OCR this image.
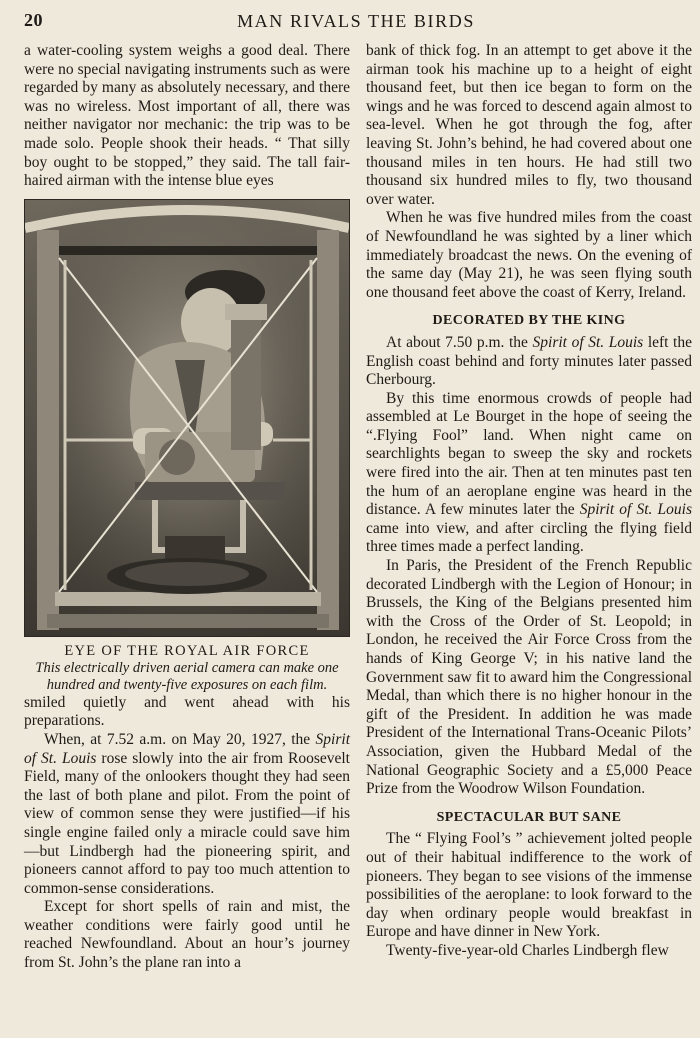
20	MAN RIVALS THE BIRDS

a water-cooling system weighs a good deal. There were no special navigating instruments such as were regarded by many as absolutely necessary, and there was no wireless. Most important of all, there was neither navigator nor mechanic: the trip was to be made solo. People shook their heads. “ That silly boy ought to be stopped,” they said. The tall fair-haired airman with the intense blue eyes

EYE OF THE ROYAL AIR FORCE
This electrically driven aerial camera can make one hundred and twenty-five exposures on each film.

smiled quietly and went ahead with his preparations.

When, at 7.52 a.m. on May 20, 1927, the Spirit of St. Louis rose slowly into the air from Roosevelt Field, many of the onlookers thought they had seen the last of both plane and pilot. From the point of view of common sense they were justified—if his single engine failed only a miracle could save him—but Lindbergh had the pioneering spirit, and pioneers cannot afford to pay too much attention to common-sense considerations.

Except for short spells of rain and mist, the weather conditions were fairly good until he reached Newfoundland. About an hour’s journey from St. John’s the plane ran into a

bank of thick fog. In an attempt to get above it the airman took his machine up to a height of eight thousand feet, but then ice began to form on the wings and he was forced to descend again almost to sea-level. When he got through the fog, after leaving St. John’s behind, he had covered about one thousand miles in ten hours. He had still two thousand six hundred miles to fly, two thousand over water.

When he was five hundred miles from the coast of Newfoundland he was sighted by a liner which immediately broadcast the news. On the evening of the same day (May 21), he was seen flying south one thousand feet above the coast of Kerry, Ireland.

DECORATED BY THE KING

At about 7.50 p.m. the Spirit of St. Louis left the English coast behind and forty minutes later passed Cherbourg.

By this time enormous crowds of people had assembled at Le Bourget in the hope of seeing the “.Flying Fool” land. When night came on searchlights began to sweep the sky and rockets were fired into the air. Then at ten minutes past ten the hum of an aeroplane engine was heard in the distance. A few minutes later the Spirit of St. Louis came into view, and after circling the flying field three times made a perfect landing.

In Paris, the President of the French Republic decorated Lindbergh with the Legion of Honour; in Brussels, the King of the Belgians presented him with the Cross of the Order of St. Leopold; in London, he received the Air Force Cross from the hands of King George V; in his native land the Government saw fit to award him the Congressional Medal, than which there is no higher honour in the gift of the President. In addition he was made President of the International Trans-Oceanic Pilots’ Association, given the Hubbard Medal of the National Geographic Society and a £5,000 Peace Prize from the Woodrow Wilson Foundation.

SPECTACULAR BUT SANE

The “ Flying Fool’s ” achievement jolted people out of their habitual indifference to the work of pioneers. They began to see visions of the immense possibilities of the aeroplane: to look forward to the day when ordinary people would breakfast in Europe and have dinner in New York.

Twenty-five-year-old Charles Lindbergh flew
